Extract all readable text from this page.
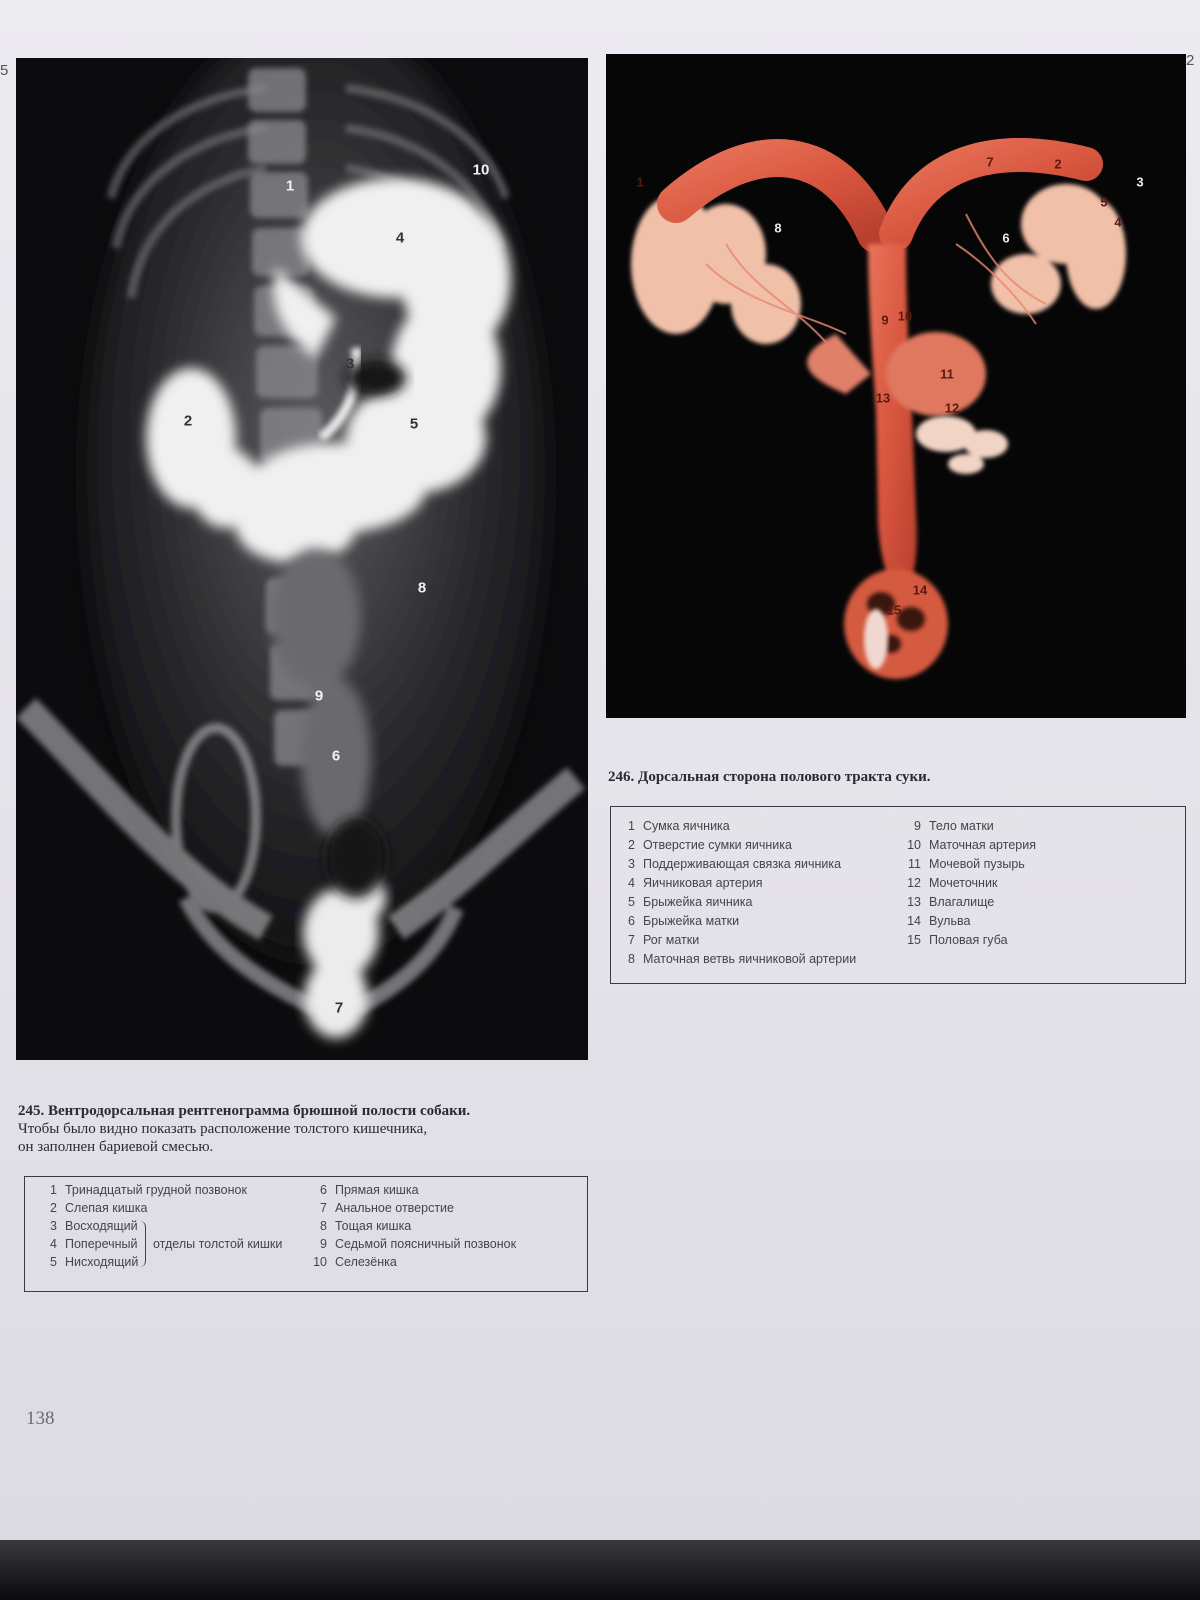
5
2
1
2
3
4
5
6
7
8
9
10
1
2
3
4
5
6
7
8
9 10
11
12
13
14
15
245. Вентродорсальная рентгенограмма брюшной полости собаки.
Чтобы было видно показать расположение толстого кишечника,
он заполнен бариевой смесью.
246. Дорсальная сторона полового тракта суки.
1 Тринадцатый грудной позвонок
2 Слепая кишка
3 Восходящий
4 Поперечный
5 Нисходящий
отделы толстой кишки
6 Прямая кишка
7 Анальное отверстие
8 Тощая кишка
9 Седьмой поясничный позвонок
10 Селезёнка
1 Сумка яичника
2 Отверстие сумки яичника
3 Поддерживающая связка яичника
4 Яичниковая артерия
5 Брыжейка яичника
6 Брыжейка матки
7 Рог матки
8 Маточная ветвь яичниковой артерии
9 Тело матки
10 Маточная артерия
11 Мочевой пузырь
12 Мочеточник
13 Влагалище
14 Вульва
15 Половая губа
138
